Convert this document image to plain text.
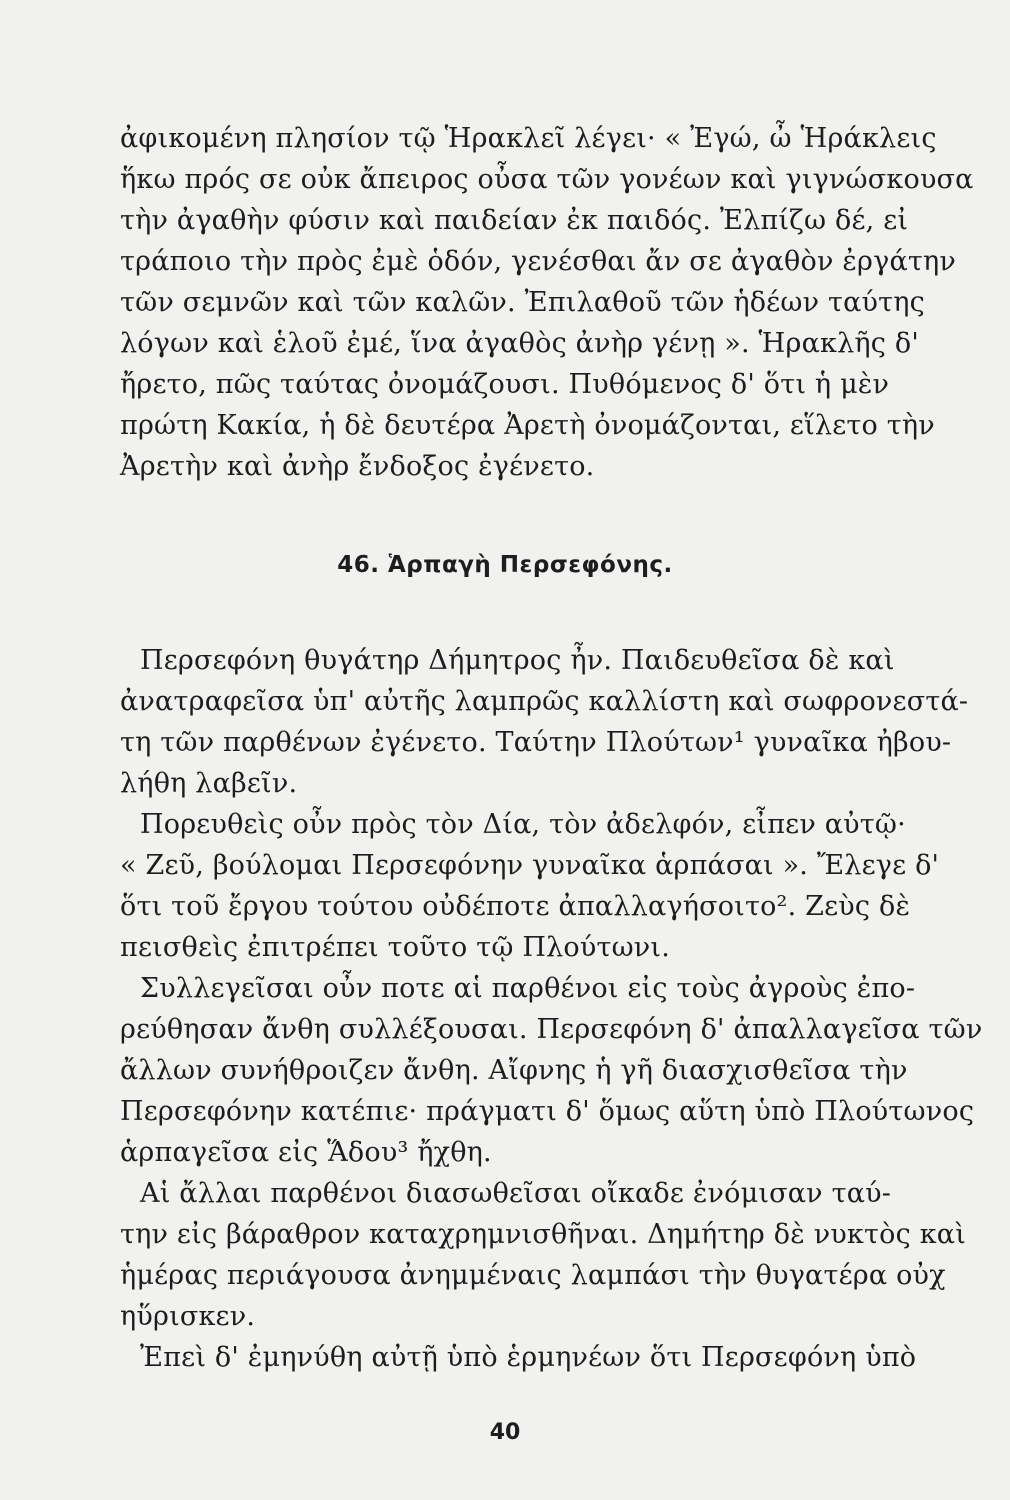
ἀφικομένη πλησίον τῷ Ἡρακλεῖ λέγει· « Ἐγώ, ὦ Ἡράκλεις
ἥκω πρός σε οὐκ ἄπειρος οὖσα τῶν γονέων καὶ γιγνώσκουσα
τὴν ἀγαθὴν φύσιν καὶ παιδείαν ἐκ παιδός. Ἐλπίζω δέ, εἰ
τράποιο τὴν πρὸς ἐμὲ ὁδόν, γενέσθαι ἄν σε ἀγαθὸν ἐργάτην
τῶν σεμνῶν καὶ τῶν καλῶν. Ἐπιλαθοῦ τῶν ἡδέων ταύτης
λόγων καὶ ἑλοῦ ἐμέ, ἵνα ἀγαθὸς ἀνὴρ γένῃ ». Ἡρακλῆς δ'
ἤρετο, πῶς ταύτας ὀνομάζουσι. Πυθόμενος δ' ὅτι ἡ μὲν
πρώτη Κακία, ἡ δὲ δευτέρα Ἀρετὴ ὀνομάζονται, εἵλετο τὴν
Ἀρετὴν καὶ ἀνὴρ ἔνδοξος ἐγένετο.
46. Ἁρπαγὴ Περσεφόνης.
Περσεφόνη θυγάτηρ Δήμητρος ἦν. Παιδευθεῖσα δὲ καὶ
ἀνατραφεῖσα ὑπ' αὐτῆς λαμπρῶς καλλίστη καὶ σωφρονεστά-
τη τῶν παρθένων ἐγένετο. Ταύτην Πλούτων¹ γυναῖκα ἠβου-
λήθη λαβεῖν.
Πορευθεὶς οὖν πρὸς τὸν Δία, τὸν ἀδελφόν, εἶπεν αὐτῷ·
« Ζεῦ, βούλομαι Περσεφόνην γυναῖκα ἁρπάσαι ». Ἔλεγε δ'
ὅτι τοῦ ἔργου τούτου οὐδέποτε ἀπαλλαγήσοιτο². Ζεὺς δὲ
πεισθεὶς ἐπιτρέπει τοῦτο τῷ Πλούτωνι.
Συλλεγεῖσαι οὖν ποτε αἱ παρθένοι εἰς τοὺς ἀγροὺς ἐπο-
ρεύθησαν ἄνθη συλλέξουσαι. Περσεφόνη δ' ἀπαλλαγεῖσα τῶν
ἄλλων συνήθροιζεν ἄνθη. Αἴφνης ἡ γῆ διασχισθεῖσα τὴν
Περσεφόνην κατέπιε· πράγματι δ' ὅμως αὕτη ὑπὸ Πλούτωνος
ἁρπαγεῖσα εἰς Ἅδου³ ἤχθη.
Αἱ ἄλλαι παρθένοι διασωθεῖσαι οἴκαδε ἐνόμισαν ταύ-
την εἰς βάραθρον καταχρημνισθῆναι. Δημήτηρ δὲ νυκτὸς καὶ
ἡμέρας περιάγουσα ἀνημμέναις λαμπάσι τὴν θυγατέρα οὐχ
ηὕρισκεν.
Ἐπεὶ δ' ἐμηνύθη αὐτῇ ὑπὸ ἑρμηνέων ὅτι Περσεφόνη ὑπὸ
40
